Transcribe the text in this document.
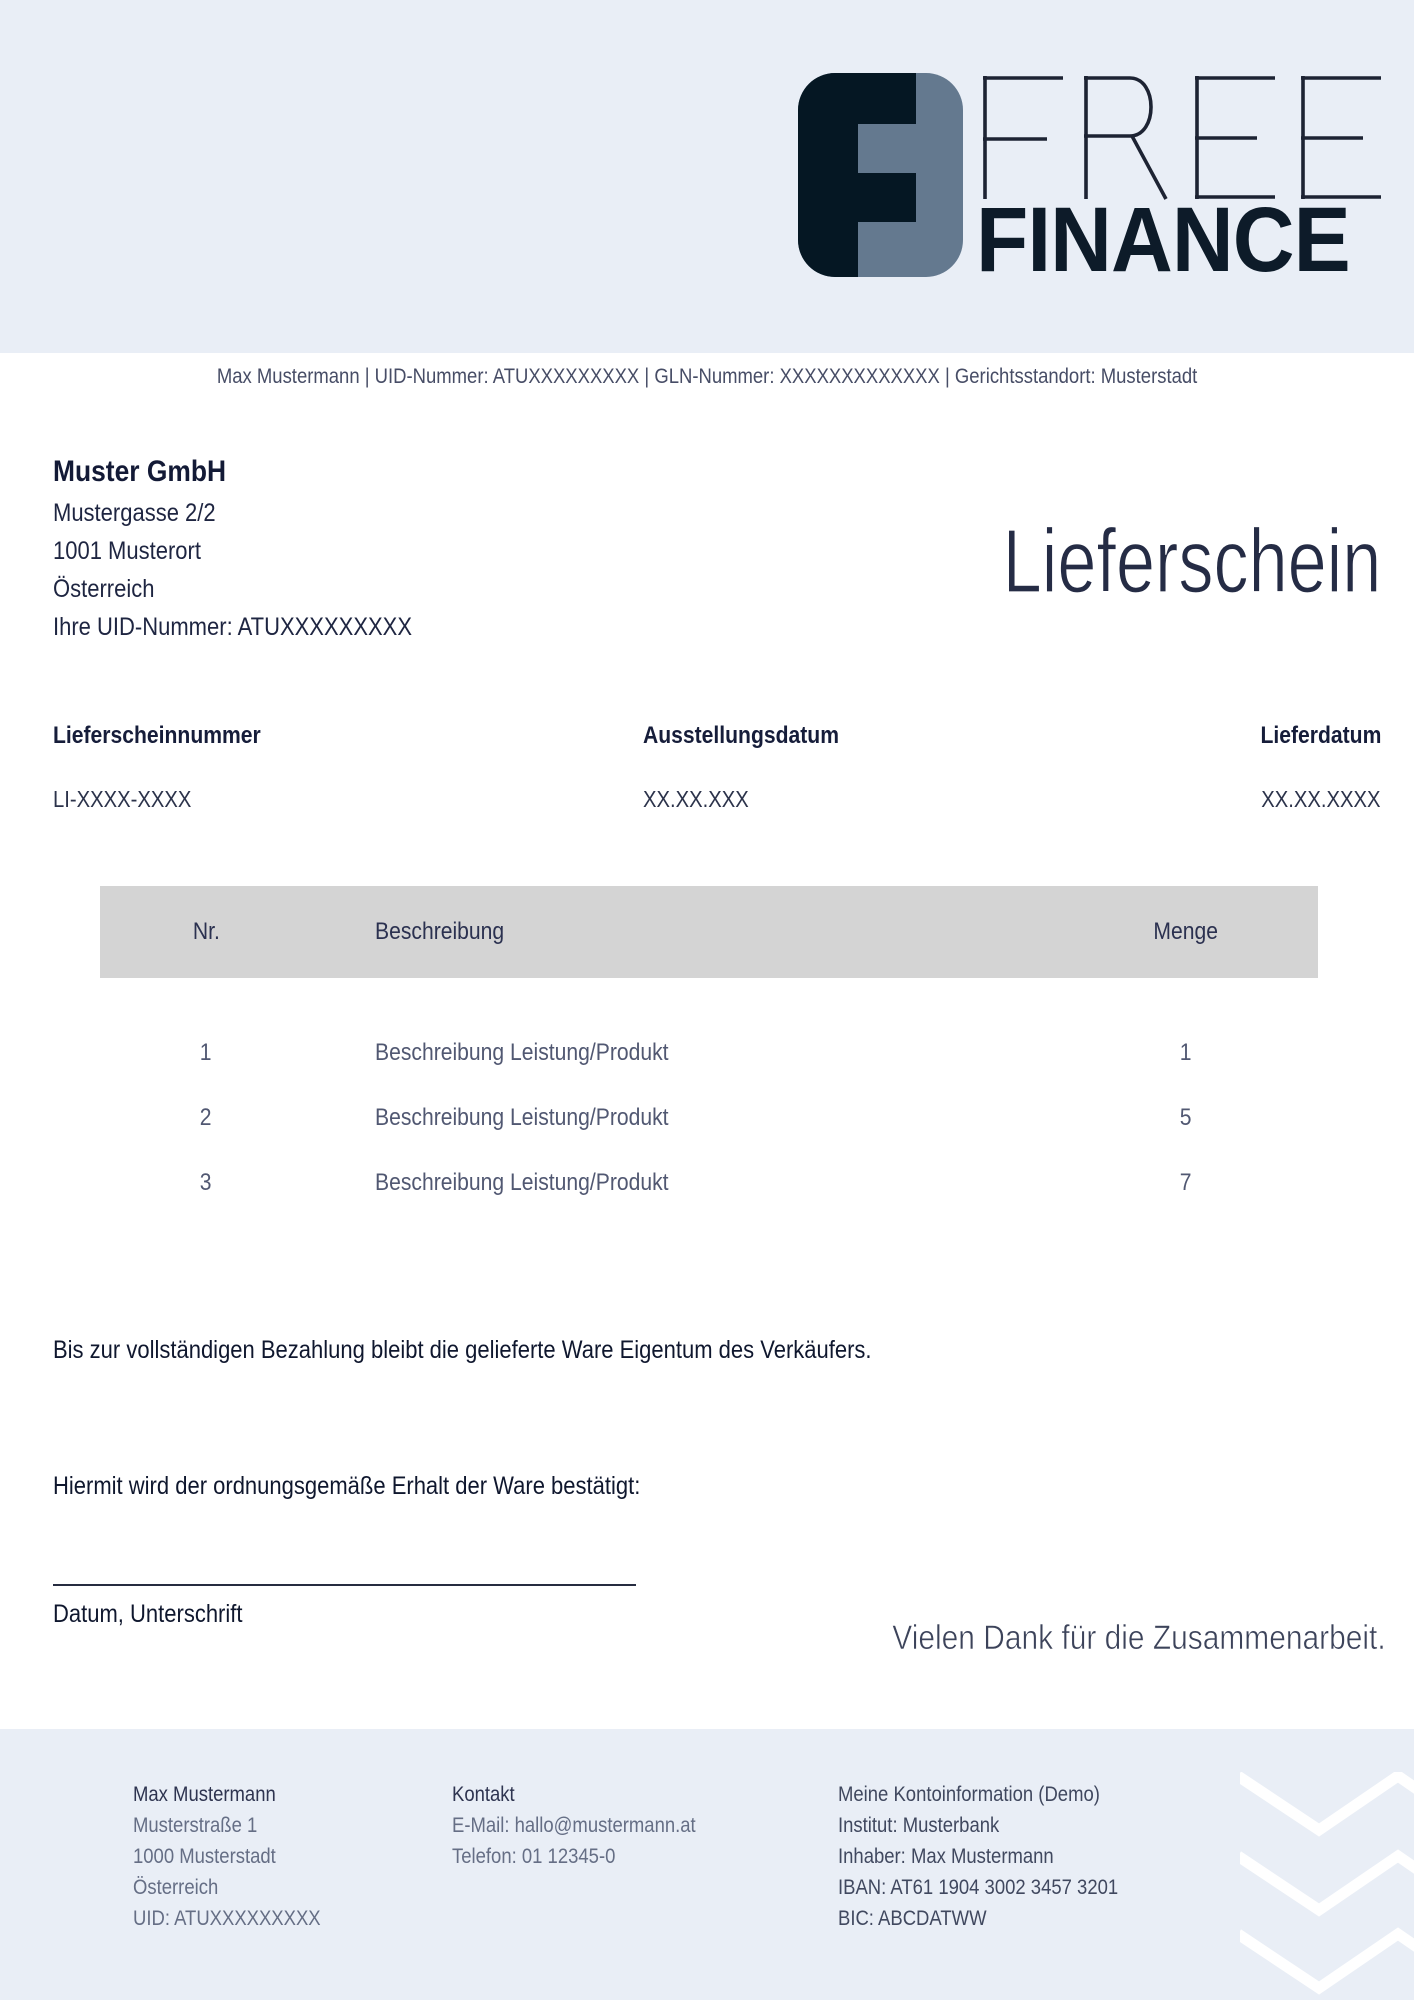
FINANCE
Max Mustermann | UID-Nummer: ATUXXXXXXXXX | GLN-Nummer: XXXXXXXXXXXXX | Gerichtsstandort: Musterstadt
Muster GmbH
Mustergasse 2/2
1001 Musterort
Österreich
Ihre UID-Nummer: ATUXXXXXXXXX
Lieferschein
Lieferscheinnummer	Ausstellungsdatum	Lieferdatum
LI-XXXX-XXXX	XX.XX.XXX	XX.XX.XXXX
Nr.	Beschreibung	Menge
1	Beschreibung Leistung/Produkt	1
2	Beschreibung Leistung/Produkt	5
3	Beschreibung Leistung/Produkt	7
Bis zur vollständigen Bezahlung bleibt die gelieferte Ware Eigentum des Verkäufers.
Hiermit wird der ordnungsgemäße Erhalt der Ware bestätigt:
Datum, Unterschrift
Vielen Dank für die Zusammenarbeit.
Max Mustermann
Musterstraße 1
1000 Musterstadt
Österreich
UID: ATUXXXXXXXXX
Kontakt
E-Mail: hallo@mustermann.at
Telefon: 01 12345-0
Meine Kontoinformation (Demo)
Institut: Musterbank
Inhaber: Max Mustermann
IBAN: AT61 1904 3002 3457 3201
BIC: ABCDATWW
